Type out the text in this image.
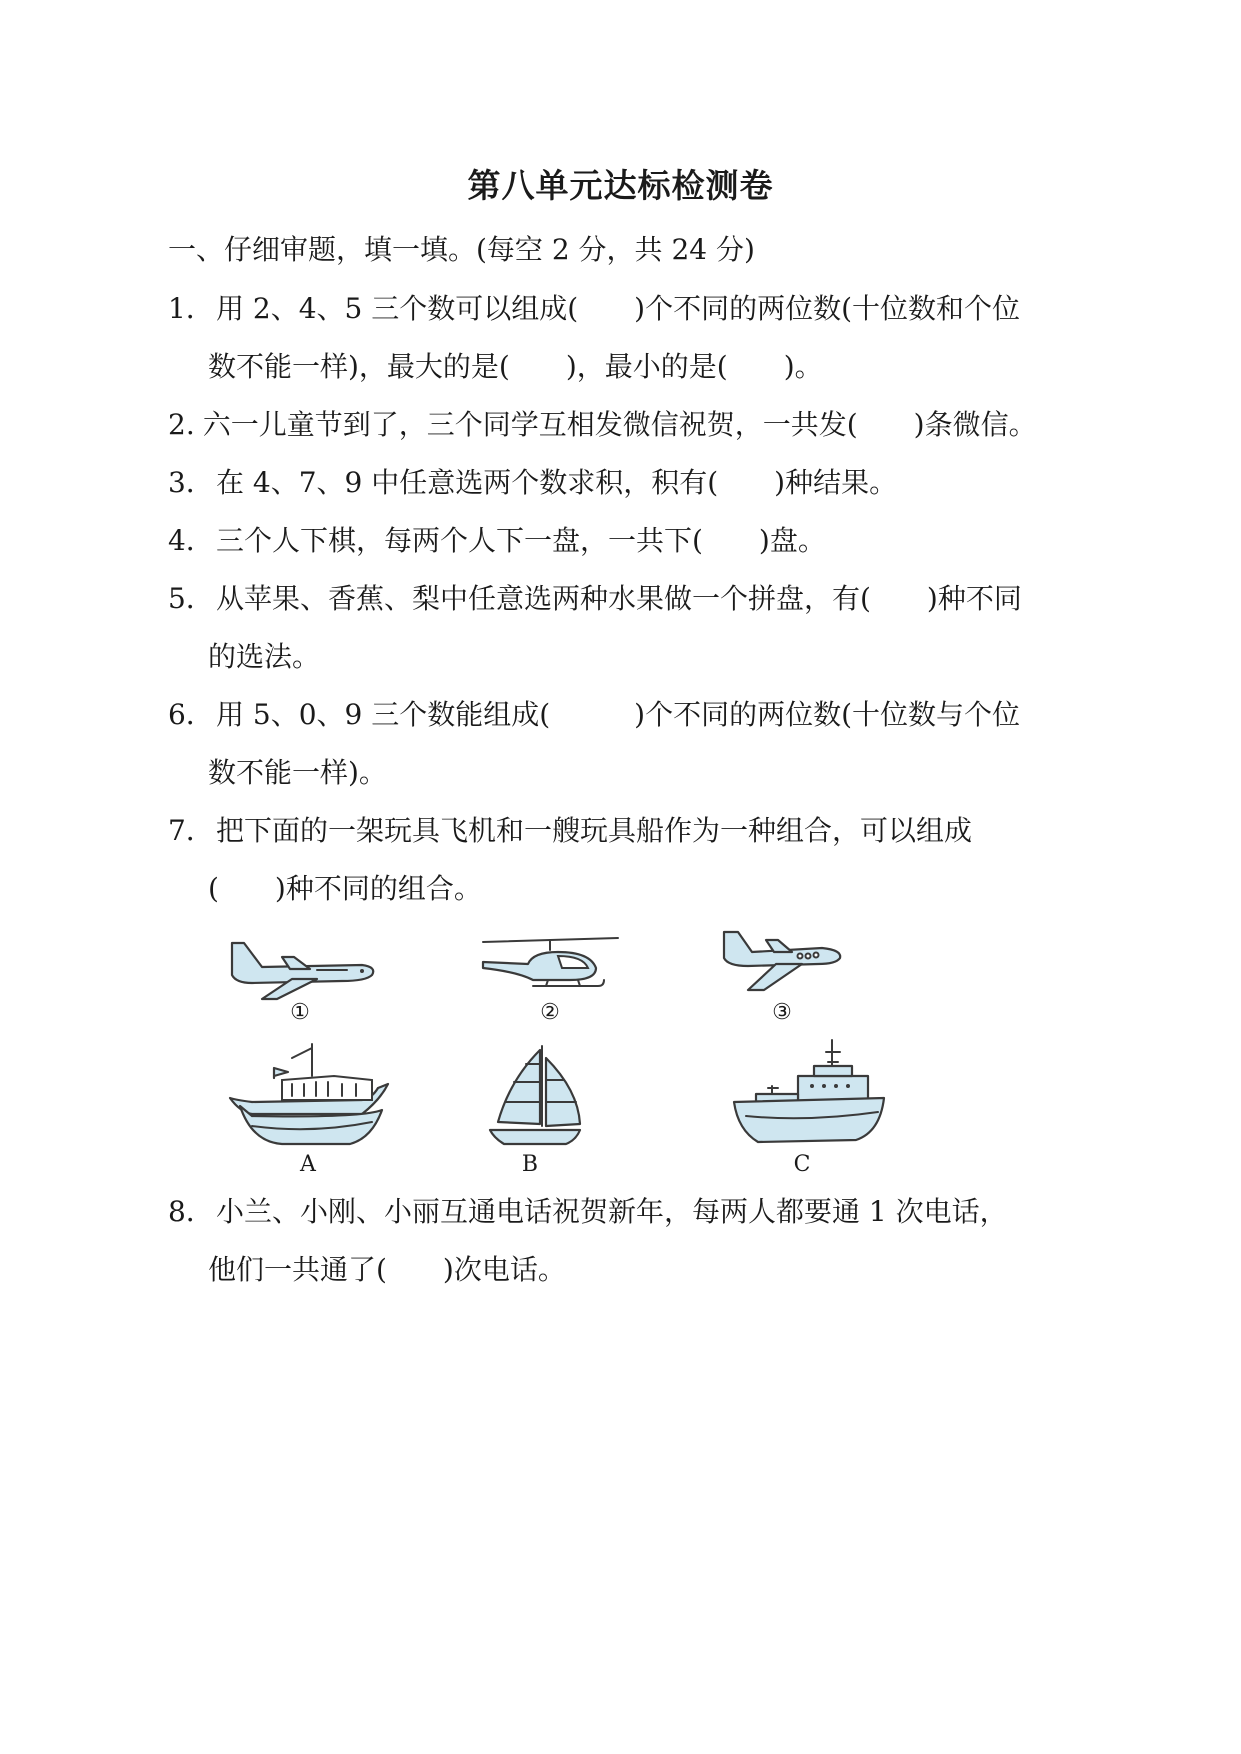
第八单元达标检测卷
一、仔细审题，填一填。(每空 2 分，共 24 分)
1．用 2、4、5 三个数可以组成(　　)个不同的两位数(十位数和个位
数不能一样)，最大的是(　　)，最小的是(　　)。
2. 六一儿童节到了，三个同学互相发微信祝贺，一共发(　　)条微信。
3．在 4、7、9 中任意选两个数求积，积有(　　)种结果。
4．三个人下棋，每两个人下一盘，一共下(　　)盘。
5．从苹果、香蕉、梨中任意选两种水果做一个拼盘，有(　　)种不同
的选法。
6．用 5、0、9 三个数能组成(　　　)个不同的两位数(十位数与个位
数不能一样)。
7．把下面的一架玩具飞机和一艘玩具船作为一种组合，可以组成
(　　)种不同的组合。
①	②	③
A	B	C
8．小兰、小刚、小丽互通电话祝贺新年，每两人都要通 1 次电话，
他们一共通了(　　)次电话。
